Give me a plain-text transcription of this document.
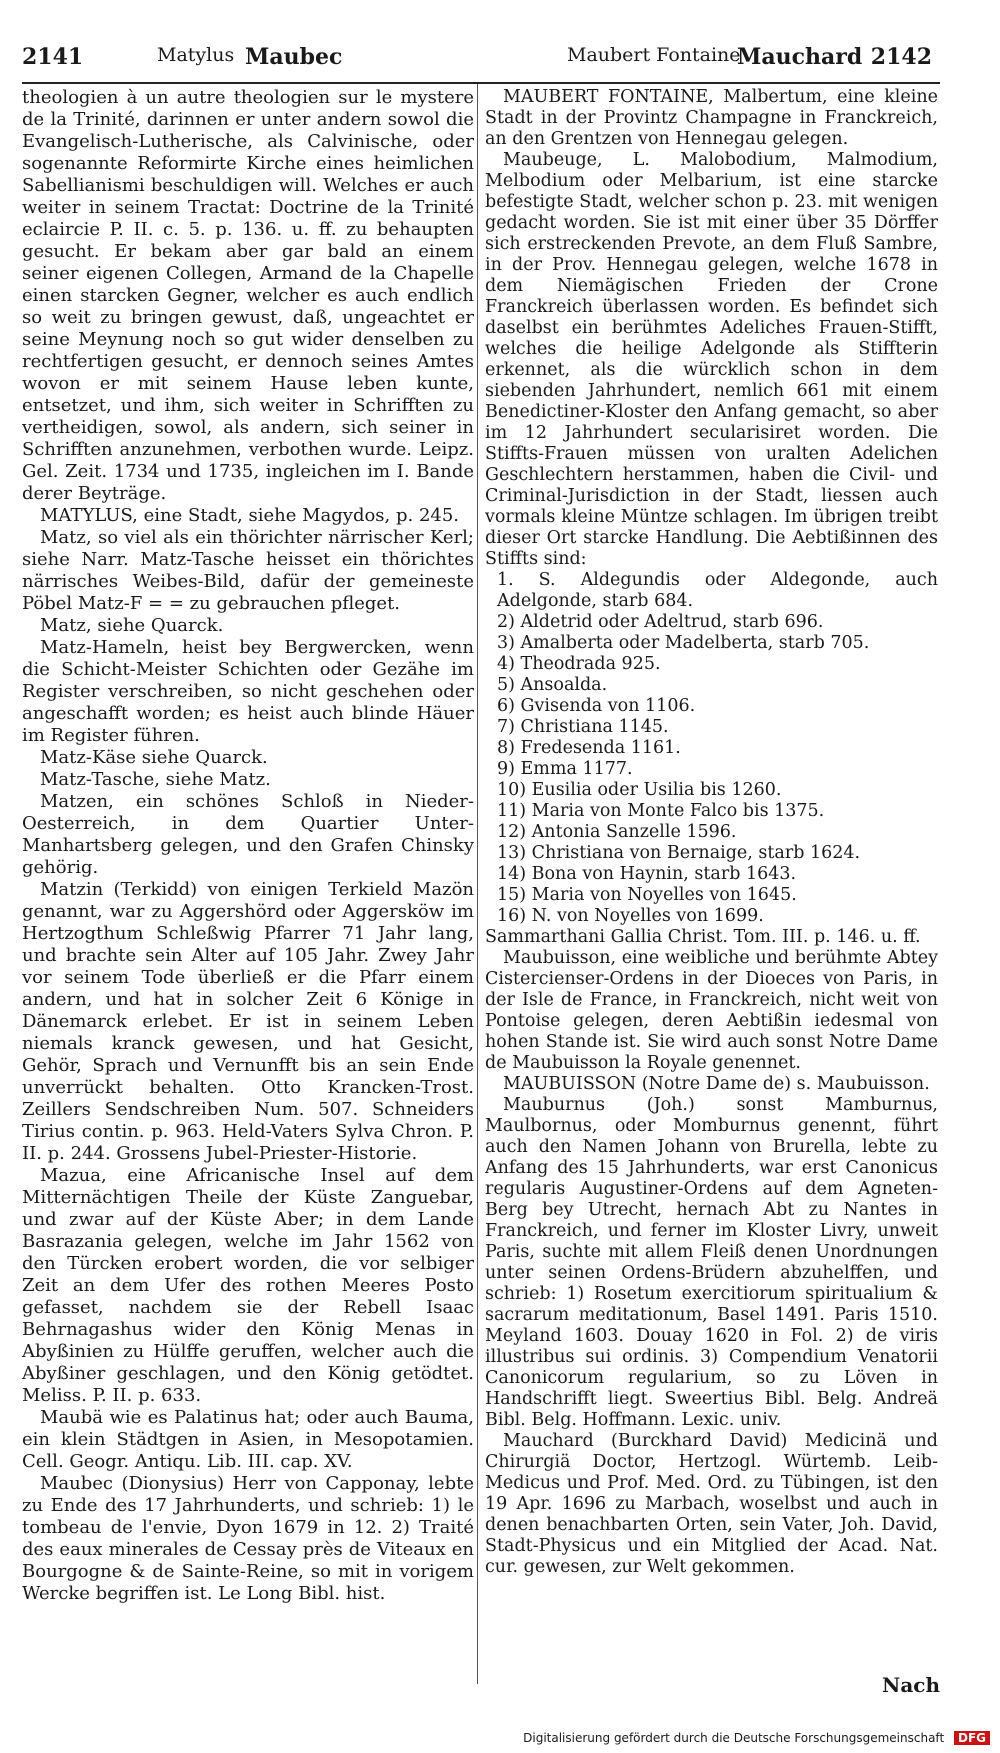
2141	Matylus Maubec	Maubert Fontaine
Mauchard 2142

theologien à un autre theologien sur le mystere de la Trinité, darinnen er unter andern sowol die Evangelisch-Lutherische, als Calvinische, oder sogenannte Reformirte Kirche eines heimlichen Sabellianismi beschuldigen will. Welches er auch weiter in seinem Tractat: Doctrine de la Trinité eclaircie P. II. c. 5. p. 136. u. ff. zu behaupten gesucht. Er bekam aber gar bald an einem seiner eigenen Collegen, Armand de la Chapelle einen starcken Gegner, welcher es auch endlich so weit zu bringen gewust, daß, ungeachtet er seine Meynung noch so gut wider denselben zu rechtfertigen gesucht, er dennoch seines Amtes wovon er mit seinem Hause leben kunte, entsetzet, und ihm, sich weiter in Schrifften zu vertheidigen, sowol, als andern, sich seiner in Schrifften anzunehmen, verbothen wurde. Leipz. Gel. Zeit. 1734 und 1735, ingleichen im I. Bande derer Beyträge.

MATYLUS, eine Stadt, siehe Magydos, p. 245.

Matz, so viel als ein thörichter närrischer Kerl; siehe Narr. Matz-Tasche heisset ein thörichtes närrisches Weibes-Bild, dafür der gemeineste Pöbel Matz-F = = zu gebrauchen pfleget.

Matz, siehe Quarck.

Matz-Hameln, heist bey Bergwercken, wenn die Schicht-Meister Schichten oder Gezähe im Register verschreiben, so nicht geschehen oder angeschafft worden; es heist auch blinde Häuer im Register führen.

Matz-Käse siehe Quarck.

Matz-Tasche, siehe Matz.

Matzen, ein schönes Schloß in Nieder-Oesterreich, in dem Quartier Unter-Manhartsberg gelegen, und den Grafen Chinsky gehörig.

Matzin (Terkidd) von einigen Terkield Mazön genannt, war zu Aggershörd oder Aggersköw im Hertzogthum Schleßwig Pfarrer 71 Jahr lang, und brachte sein Alter auf 105 Jahr. Zwey Jahr vor seinem Tode überließ er die Pfarr einem andern, und hat in solcher Zeit 6 Könige in Dänemarck erlebet. Er ist in seinem Leben niemals kranck gewesen, und hat Gesicht, Gehör, Sprach und Vernunfft bis an sein Ende unverrückt behalten. Otto Krancken-Trost. Zeillers Sendschreiben Num. 507. Schneiders Tirius contin. p. 963. Held-Vaters Sylva Chron. P. II. p. 244. Grossens Jubel-Priester-Historie.

Mazua, eine Africanische Insel auf dem Mitternächtigen Theile der Küste Zanguebar, und zwar auf der Küste Aber; in dem Lande Basrazania gelegen, welche im Jahr 1562 von den Türcken erobert worden, die vor selbiger Zeit an dem Ufer des rothen Meeres Posto gefasset, nachdem sie der Rebell Isaac Behrnagashus wider den König Menas in Abyßinien zu Hülffe geruffen, welcher auch die Abyßiner geschlagen, und den König getödtet. Meliss. P. II. p. 633.

Maubä wie es Palatinus hat; oder auch Bauma, ein klein Städtgen in Asien, in Mesopotamien. Cell. Geogr. Antiqu. Lib. III. cap. XV.

Maubec (Dionysius) Herr von Capponay, lebte zu Ende des 17 Jahrhunderts, und schrieb: 1) le tombeau de l'envie, Dyon 1679 in 12. 2) Traité des eaux minerales de Cessay près de Viteaux en Bourgogne & de Sainte-Reine, so mit in vorigem Wercke begriffen ist. Le Long Bibl. hist.

MAUBERT FONTAINE, Malbertum, eine kleine Stadt in der Provintz Champagne in Franckreich, an den Grentzen von Hennegau gelegen.

Maubeuge, L. Malobodium, Malmodium, Melbodium oder Melbarium, ist eine starcke befestigte Stadt, welcher schon p. 23. mit wenigen gedacht worden. Sie ist mit einer über 35 Dörffer sich erstreckenden Prevote, an dem Fluß Sambre, in der Prov. Hennegau gelegen, welche 1678 in dem Niemägischen Frieden der Crone Franckreich überlassen worden. Es befindet sich daselbst ein berühmtes Adeliches Frauen-Stifft, welches die heilige Adelgonde als Stiffterin erkennet, als die würcklich schon in dem siebenden Jahrhundert, nemlich 661 mit einem Benedictiner-Kloster den Anfang gemacht, so aber im 12 Jahrhundert secularisiret worden. Die Stiffts-Frauen müssen von uralten Adelichen Geschlechtern herstammen, haben die Civil- und Criminal-Jurisdiction in der Stadt, liessen auch vormals kleine Müntze schlagen. Im übrigen treibt dieser Ort starcke Handlung. Die Aebtißinnen des Stiffts sind:

1. S. Aldegundis oder Aldegonde, auch Adelgonde, starb 684.
2) Aldetrid oder Adeltrud, starb 696.
3) Amalberta oder Madelberta, starb 705.
4) Theodrada 925.
5) Ansoalda.
6) Gvisenda von 1106.
7) Christiana 1145.
8) Fredesenda 1161.
9) Emma 1177.
10) Eusilia oder Usilia bis 1260.
11) Maria von Monte Falco bis 1375.
12) Antonia Sanzelle 1596.
13) Christiana von Bernaige, starb 1624.
14) Bona von Haynin, starb 1643.
15) Maria von Noyelles von 1645.
16) N. von Noyelles von 1699.

Sammarthani Gallia Christ. Tom. III. p. 146. u. ff.

Maubuisson, eine weibliche und berühmte Abtey Cistercienser-Ordens in der Dioeces von Paris, in der Isle de France, in Franckreich, nicht weit von Pontoise gelegen, deren Aebtißin iedesmal von hohen Stande ist. Sie wird auch sonst Notre Dame de Maubuisson la Royale genennet.

MAUBUISSON (Notre Dame de) s. Maubuisson.

Mauburnus (Joh.) sonst Mamburnus, Maulbornus, oder Momburnus genennt, führt auch den Namen Johann von Brurella, lebte zu Anfang des 15 Jahrhunderts, war erst Canonicus regularis Augustiner-Ordens auf dem Agneten-Berg bey Utrecht, hernach Abt zu Nantes in Franckreich, und ferner im Kloster Livry, unweit Paris, suchte mit allem Fleiß denen Unordnungen unter seinen Ordens-Brüdern abzuhelffen, und schrieb: 1) Rosetum exercitiorum spiritualium & sacrarum meditationum, Basel 1491. Paris 1510. Meyland 1603. Douay 1620 in Fol. 2) de viris illustribus sui ordinis. 3) Compendium Venatorii Canonicorum regularium, so zu Löven in Handschrifft liegt. Sweertius Bibl. Belg. Andreä Bibl. Belg. Hoffmann. Lexic. univ.

Mauchard (Burckhard David) Medicinä und Chirurgiä Doctor, Hertzogl. Würtemb. Leib-Medicus und Prof. Med. Ord. zu Tübingen, ist den 19 Apr. 1696 zu Marbach, woselbst und auch in denen benachbarten Orten, sein Vater, Joh. David, Stadt-Physicus und ein Mitglied der Acad. Nat. cur. gewesen, zur Welt gekommen.

Nach
Digitalisierung gefördert durch die Deutsche Forschungsgemeinschaft DFG
